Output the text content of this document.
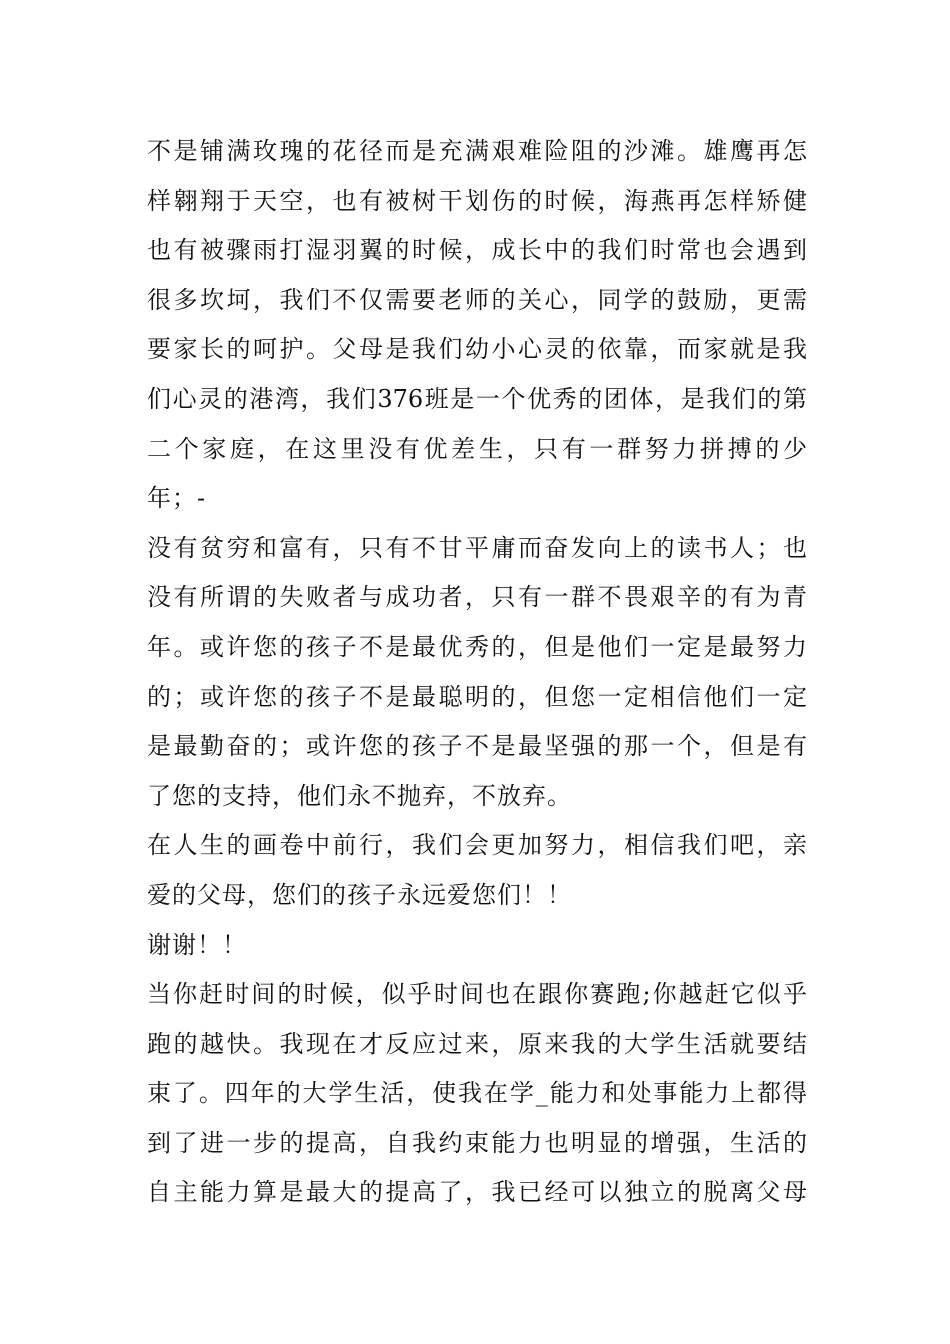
不是铺满玫瑰的花径而是充满艰难险阻的沙滩。雄鹰再怎
样翱翔于天空，也有被树干划伤的时候，海燕再怎样矫健
也有被骤雨打湿羽翼的时候，成长中的我们时常也会遇到
很多坎坷，我们不仅需要老师的关心，同学的鼓励，更需
要家长的呵护。父母是我们幼小心灵的依靠，而家就是我
们心灵的港湾，我们376班是一个优秀的团体，是我们的第
二个家庭，在这里没有优差生，只有一群努力拼搏的少
年；-
没有贫穷和富有，只有不甘平庸而奋发向上的读书人；也
没有所谓的失败者与成功者，只有一群不畏艰辛的有为青
年。或许您的孩子不是最优秀的，但是他们一定是最努力
的；或许您的孩子不是最聪明的，但您一定相信他们一定
是最勤奋的；或许您的孩子不是最坚强的那一个，但是有
了您的支持，他们永不抛弃，不放弃。
在人生的画卷中前行，我们会更加努力，相信我们吧，亲
爱的父母，您们的孩子永远爱您们！！
谢谢！！
当你赶时间的时候，似乎时间也在跟你赛跑;你越赶它似乎
跑的越快。我现在才反应过来，原来我的大学生活就要结
束了。四年的大学生活，使我在学_能力和处事能力上都得
到了进一步的提高，自我约束能力也明显的增强，生活的
自主能力算是最大的提高了，我已经可以独立的脱离父母
